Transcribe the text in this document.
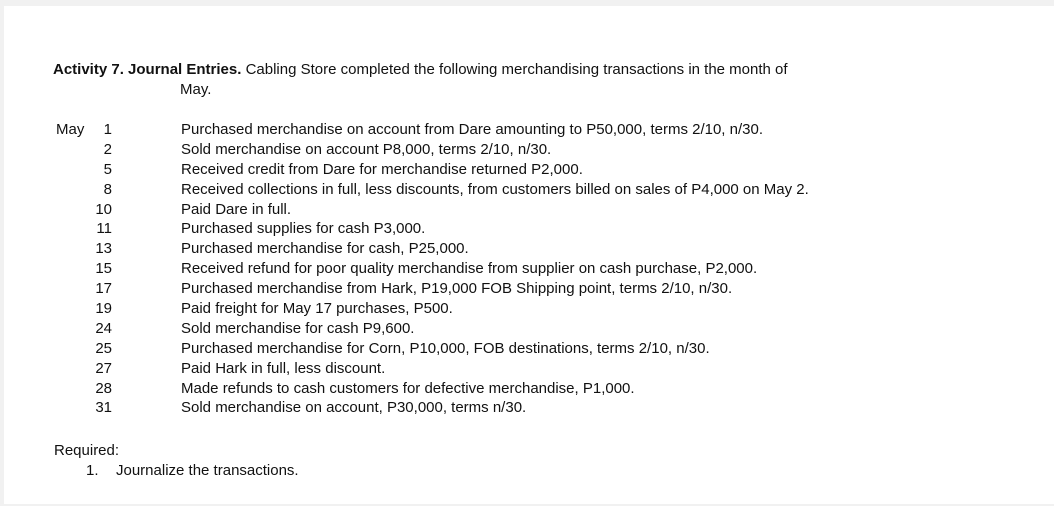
Activity 7. Journal Entries. Cabling Store completed the following merchandising transactions in the month of
May.
May	1	Purchased merchandise on account from Dare amounting to P50,000, terms 2/10, n/30.
2	Sold merchandise on account P8,000, terms 2/10, n/30.
5	Received credit from Dare for merchandise returned P2,000.
8	Received collections in full, less discounts, from customers billed on sales of P4,000 on May 2.
10	Paid Dare in full.
11	Purchased supplies for cash P3,000.
13	Purchased merchandise for cash, P25,000.
15	Received refund for poor quality merchandise from supplier on cash purchase, P2,000.
17	Purchased merchandise from Hark, P19,000 FOB Shipping point, terms 2/10, n/30.
19	Paid freight for May 17 purchases, P500.
24	Sold merchandise for cash P9,600.
25	Purchased merchandise for Corn, P10,000, FOB destinations, terms 2/10, n/30.
27	Paid Hark in full, less discount.
28	Made refunds to cash customers for defective merchandise, P1,000.
31	Sold merchandise on account, P30,000, terms n/30.
Required:
1. Journalize the transactions.
